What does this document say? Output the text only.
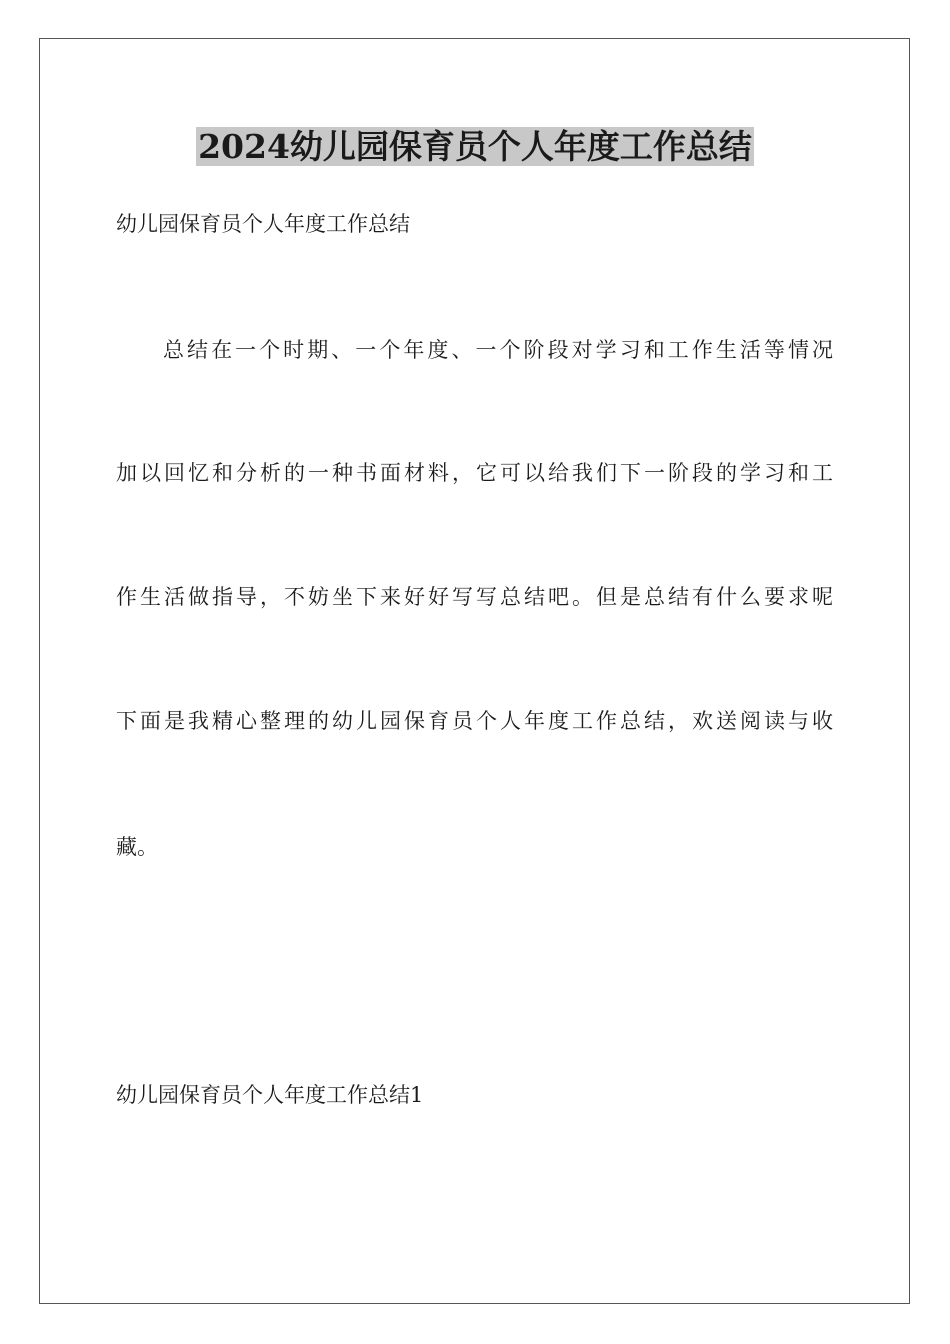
2024幼儿园保育员个人年度工作总结
幼儿园保育员个人年度工作总结
总结在一个时期、一个年度、一个阶段对学习和工作生活等情况
加以回忆和分析的一种书面材料，它可以给我们下一阶段的学习和工
作生活做指导，不妨坐下来好好写写总结吧。但是总结有什么要求呢
下面是我精心整理的幼儿园保育员个人年度工作总结，欢送阅读与收
藏。
幼儿园保育员个人年度工作总结1
